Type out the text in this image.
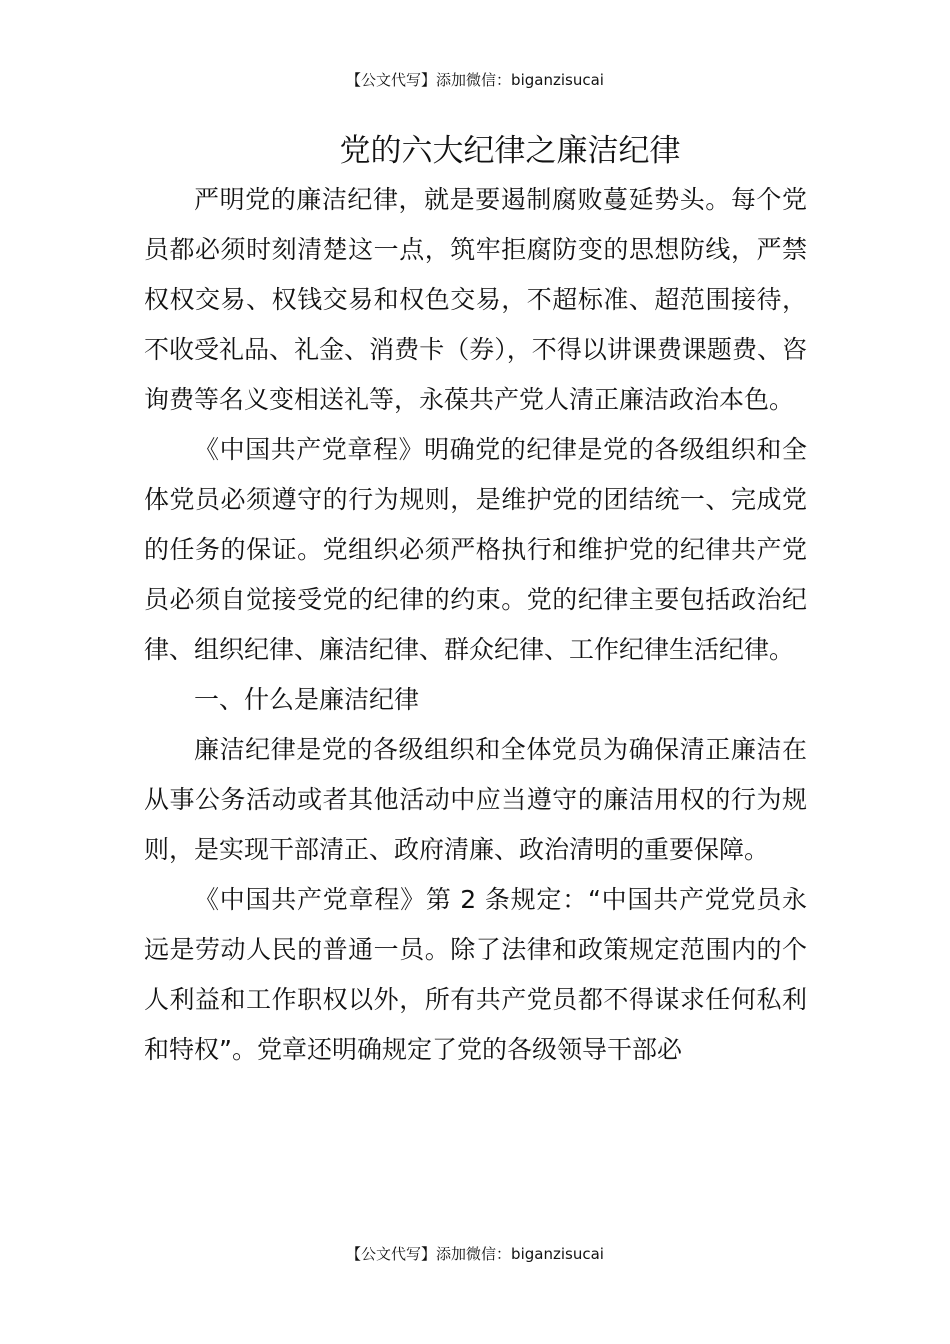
【公文代写】添加微信：biganzisucai
党的六大纪律之廉洁纪律

严明党的廉洁纪律，就是要遏制腐败蔓延势头。每个党员都必须时刻清楚这一点，筑牢拒腐防变的思想防线，严禁权权交易、权钱交易和权色交易，不超标准、超范围接待，不收受礼品、礼金、消费卡（券），不得以讲课费课题费、咨询费等名义变相送礼等，永葆共产党人清正廉洁政治本色。

《中国共产党章程》明确党的纪律是党的各级组织和全体党员必须遵守的行为规则，是维护党的团结统一、完成党的任务的保证。党组织必须严格执行和维护党的纪律共产党员必须自觉接受党的纪律的约束。党的纪律主要包括政治纪律、组织纪律、廉洁纪律、群众纪律、工作纪律生活纪律。

一、什么是廉洁纪律

廉洁纪律是党的各级组织和全体党员为确保清正廉洁在从事公务活动或者其他活动中应当遵守的廉洁用权的行为规则，是实现干部清正、政府清廉、政治清明的重要保障。

《中国共产党章程》第 2 条规定：“中国共产党党员永远是劳动人民的普通一员。除了法律和政策规定范围内的个人利益和工作职权以外，所有共产党员都不得谋求任何私利和特权”。党章还明确规定了党的各级领导干部必

【公文代写】添加微信：biganzisucai
